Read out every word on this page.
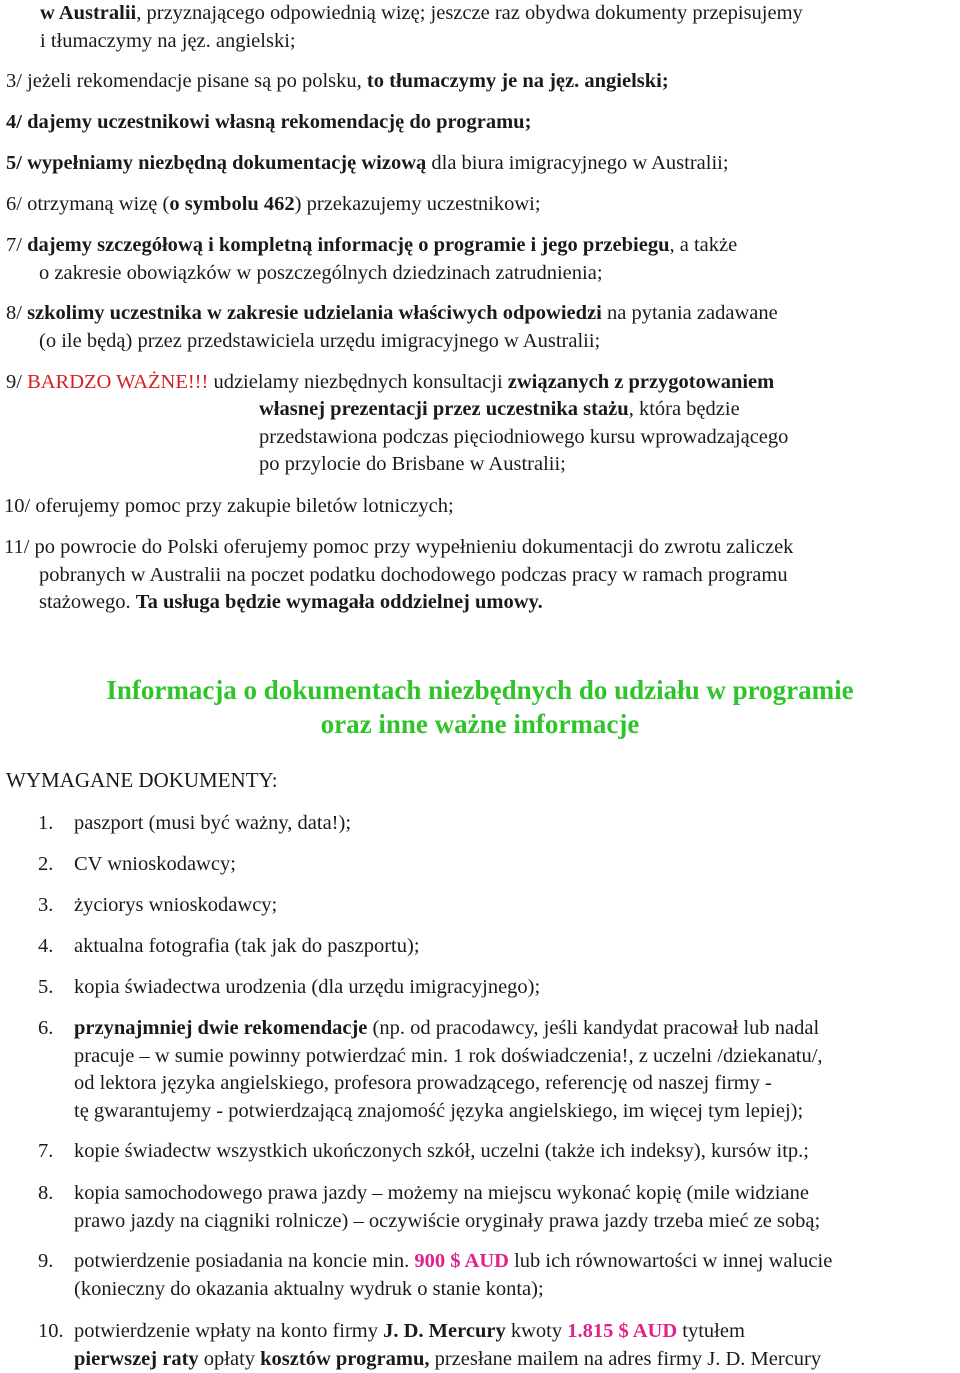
w Australii, przyznającego odpowiednią wizę; jeszcze raz obydwa dokumenty przepisujemy
i tłumaczymy na jęz. angielski;
3/ jeżeli rekomendacje pisane są po polsku, to tłumaczymy je na jęz. angielski;
4/ dajemy uczestnikowi własną rekomendację do programu;
5/ wypełniamy niezbędną dokumentację wizową dla biura imigracyjnego w Australii;
6/ otrzymaną wizę (o symbolu 462) przekazujemy uczestnikowi;
7/ dajemy szczegółową i kompletną informację o programie i jego przebiegu, a także
o zakresie obowiązków w poszczególnych dziedzinach zatrudnienia;
8/ szkolimy uczestnika w zakresie udzielania właściwych odpowiedzi na pytania zadawane
(o ile będą) przez przedstawiciela urzędu imigracyjnego w Australii;
9/ BARDZO WAŻNE!!! udzielamy niezbędnych konsultacji związanych z przygotowaniem
własnej prezentacji przez uczestnika stażu, która będzie
przedstawiona podczas pięciodniowego kursu wprowadzającego
po przylocie do Brisbane w Australii;
10/ oferujemy pomoc przy zakupie biletów lotniczych;
11/ po powrocie do Polski oferujemy pomoc przy wypełnieniu dokumentacji do zwrotu zaliczek
pobranych w Australii na poczet podatku dochodowego podczas pracy w ramach programu
stażowego. Ta usługa będzie wymagała oddzielnej umowy.
Informacja o dokumentach niezbędnych do udziału w programie
oraz inne ważne informacje
WYMAGANE DOKUMENTY:
1. paszport (musi być ważny, data!);
2. CV wnioskodawcy;
3. życiorys wnioskodawcy;
4. aktualna fotografia (tak jak do paszportu);
5. kopia świadectwa urodzenia (dla urzędu imigracyjnego);
6. przynajmniej dwie rekomendacje (np. od pracodawcy, jeśli kandydat pracował lub nadal
pracuje – w sumie powinny potwierdzać min. 1 rok doświadczenia!, z uczelni /dziekanatu/,
od lektora języka angielskiego, profesora prowadzącego, referencję od naszej firmy -
tę gwarantujemy - potwierdzającą znajomość języka angielskiego, im więcej tym lepiej);
7. kopie świadectw wszystkich ukończonych szkół, uczelni (także ich indeksy), kursów itp.;
8. kopia samochodowego prawa jazdy – możemy na miejscu wykonać kopię (mile widziane
prawo jazdy na ciągniki rolnicze) – oczywiście oryginały prawa jazdy trzeba mieć ze sobą;
9. potwierdzenie posiadania na koncie min. 900 $ AUD lub ich równowartości w innej walucie
(konieczny do okazania aktualny wydruk o stanie konta);
10. potwierdzenie wpłaty na konto firmy J. D. Mercury kwoty 1.815 $ AUD tytułem
pierwszej raty opłaty kosztów programu, przesłane mailem na adres firmy J. D. Mercury
